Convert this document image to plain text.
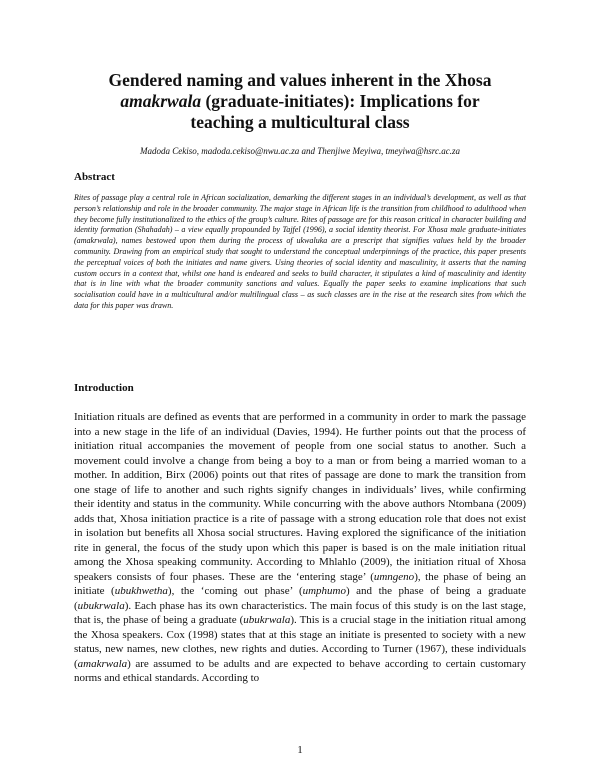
Gendered naming and values inherent in the Xhosa
amakrwala (graduate-initiates): Implications for
teaching a multicultural class
Madoda Cekiso, madoda.cekiso@nwu.ac.za and Thenjiwe Meyiwa, tmeyiwa@hsrc.ac.za
Abstract
Rites of passage play a central role in African socialization, demarking the different stages in an individual’s development, as well as that person’s relationship and role in the broader community. The major stage in African life is the transition from childhood to adulthood when they become fully institutionalized to the ethics of the group’s culture. Rites of passage are for this reason critical in character building and identity formation (Shahadah) – a view equally propounded by Tajfel (1996), a social identity theorist. For Xhosa male graduate-initiates (amakrwala), names bestowed upon them during the process of ukwaluka are a prescript that signifies values held by the broader community. Drawing from an empirical study that sought to understand the conceptual underpinnings of the practice, this paper presents the perceptual voices of both the initiates and name givers. Using theories of social identity and masculinity, it asserts that the naming custom occurs in a context that, whilst one hand is endeared and seeks to build character, it stipulates a kind of masculinity and identity that is in line with what the broader community sanctions and values. Equally the paper seeks to examine implications that such socialisation could have in a multicultural and/or multilingual class – as such classes are in the rise at the research sites from which the data for this paper was drawn.
Introduction
Initiation rituals are defined as events that are performed in a community in order to mark the passage into a new stage in the life of an individual (Davies, 1994). He further points out that the process of initiation ritual accompanies the movement of people from one social status to another. Such a movement could involve a change from being a boy to a man or from being a married woman to a mother. In addition, Birx (2006) points out that rites of passage are done to mark the transition from one stage of life to another and such rights signify changes in individuals’ lives, while confirming their identity and status in the community. While concurring with the above authors Ntombana (2009) adds that, Xhosa initiation practice is a rite of passage with a strong education role that does not exist in isolation but benefits all Xhosa social structures. Having explored the significance of the initiation rite in general, the focus of the study upon which this paper is based is on the male initiation ritual among the Xhosa speaking community. According to Mhlahlo (2009), the initiation ritual of Xhosa speakers consists of four phases. These are the ‘entering stage’ (umngeno), the phase of being an initiate (ubukhwetha), the ‘coming out phase’ (umphumo) and the phase of being a graduate (ubukrwala). Each phase has its own characteristics. The main focus of this study is on the last stage, that is, the phase of being a graduate (ubukrwala). This is a crucial stage in the initiation ritual among the Xhosa speakers. Cox (1998) states that at this stage an initiate is presented to society with a new status, new names, new clothes, new rights and duties. According to Turner (1967), these individuals (amakrwala) are assumed to be adults and are expected to behave according to certain customary norms and ethical standards. According to
1
